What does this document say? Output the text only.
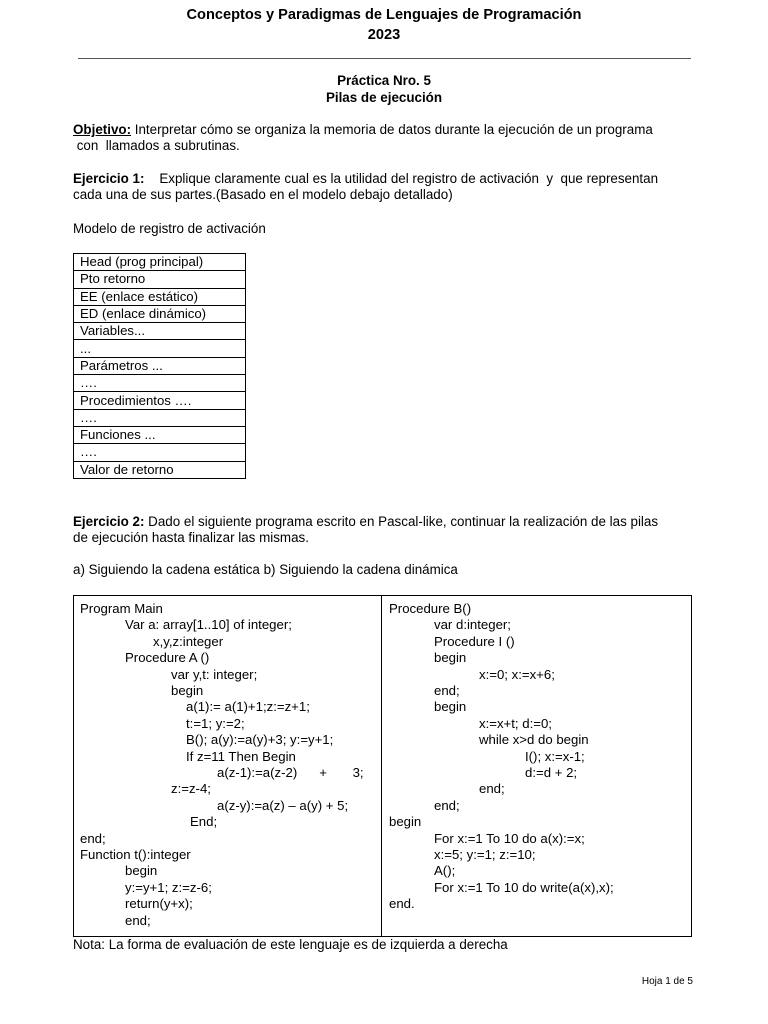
Conceptos y Paradigmas de Lenguajes de Programación
2023
Práctica Nro. 5
Pilas de ejecución
Objetivo: Interpretar cómo se organiza la memoria de datos durante la ejecución de un programa
con  llamados a subrutinas.
Ejercicio 1:    Explique claramente cual es la utilidad del registro de activación  y  que representan
cada una de sus partes.(Basado en el modelo debajo detallado)
Modelo de registro de activación
Head (prog principal)
Pto retorno
EE (enlace estático)
ED (enlace dinámico)
Variables...
...
Parámetros ...
….
Procedimientos ….
….
Funciones ...
….
Valor de retorno
Ejercicio 2: Dado el siguiente programa escrito en Pascal-like, continuar la realización de las pilas
de ejecución hasta finalizar las mismas.
a) Siguiendo la cadena estática b) Siguiendo la cadena dinámica
Program Main
Var a: array[1..10] of integer;
x,y,z:integer
Procedure A ()
var y,t: integer;
begin
a(1):= a(1)+1;z:=z+1;
t:=1; y:=2;
B(); a(y):=a(y)+3; y:=y+1;
If z=11 Then Begin
a(z-1):=a(z-2)      +       3;
z:=z-4;
a(z-y):=a(z) – a(y) + 5;
End;
end;
Function t():integer
begin
y:=y+1; z:=z-6;
return(y+x);
end;
Procedure B()
var d:integer;
Procedure I ()
begin
x:=0; x:=x+6;
end;
begin
x:=x+t; d:=0;
while x>d do begin
I(); x:=x-1;
d:=d + 2;
end;
end;
begin
For x:=1 To 10 do a(x):=x;
x:=5; y:=1; z:=10;
A();
For x:=1 To 10 do write(a(x),x);
end.
Nota: La forma de evaluación de este lenguaje es de izquierda a derecha
Hoja 1 de 5
